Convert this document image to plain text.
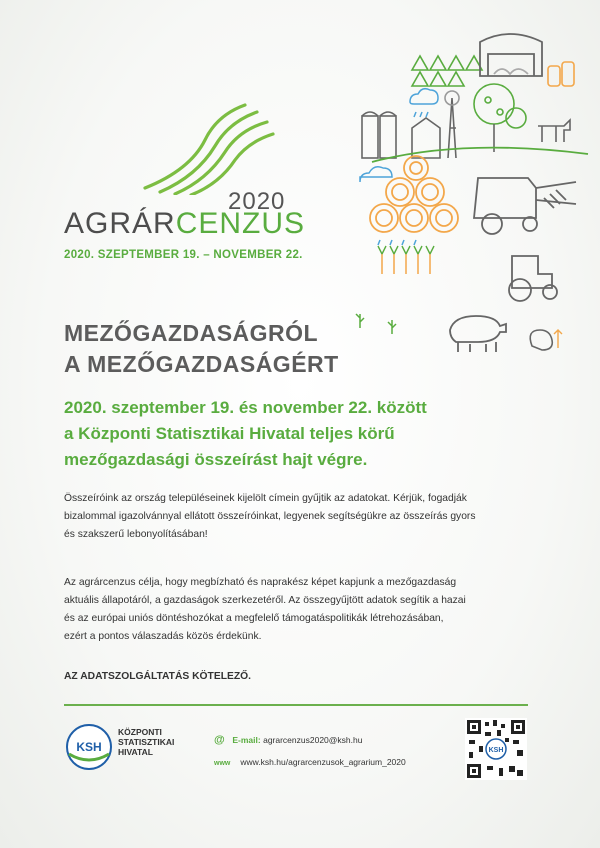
2020
AGRÁRCENZUS
2020. SZEPTEMBER 19. – NOVEMBER 22.
MEZŐGAZDASÁGRÓL
A MEZŐGAZDASÁGÉRT
2020. szeptember 19. és november 22. között
a Központi Statisztikai Hivatal teljes körű
mezőgazdasági összeírást hajt végre.
Összeíróink az ország településeinek kijelölt címein gyűjtik az adatokat. Kérjük, fogadják
bizalommal igazolvánnyal ellátott összeíróinkat, legyenek segítségükre az összeírás gyors
és szakszerű lebonyolításában!
Az agrárcenzus célja, hogy megbízható és naprakész képet kapjunk a mezőgazdaság
aktuális állapotáról, a gazdaságok szerkezetéről. Az összegyűjtött adatok segítik a hazai
és az európai uniós döntéshozókat a megfelelő támogatáspolitikák létrehozásában,
ezért a pontos válaszadás közös érdekünk.
AZ ADATSZOLGÁLTATÁS KÖTELEZŐ.
KSH
KÖZPONTI
STATISZTIKAI
HIVATAL
@ E-mail: agrarcenzus2020@ksh.hu
www www.ksh.hu/agrarcenzusok_agrarium_2020
KSH
